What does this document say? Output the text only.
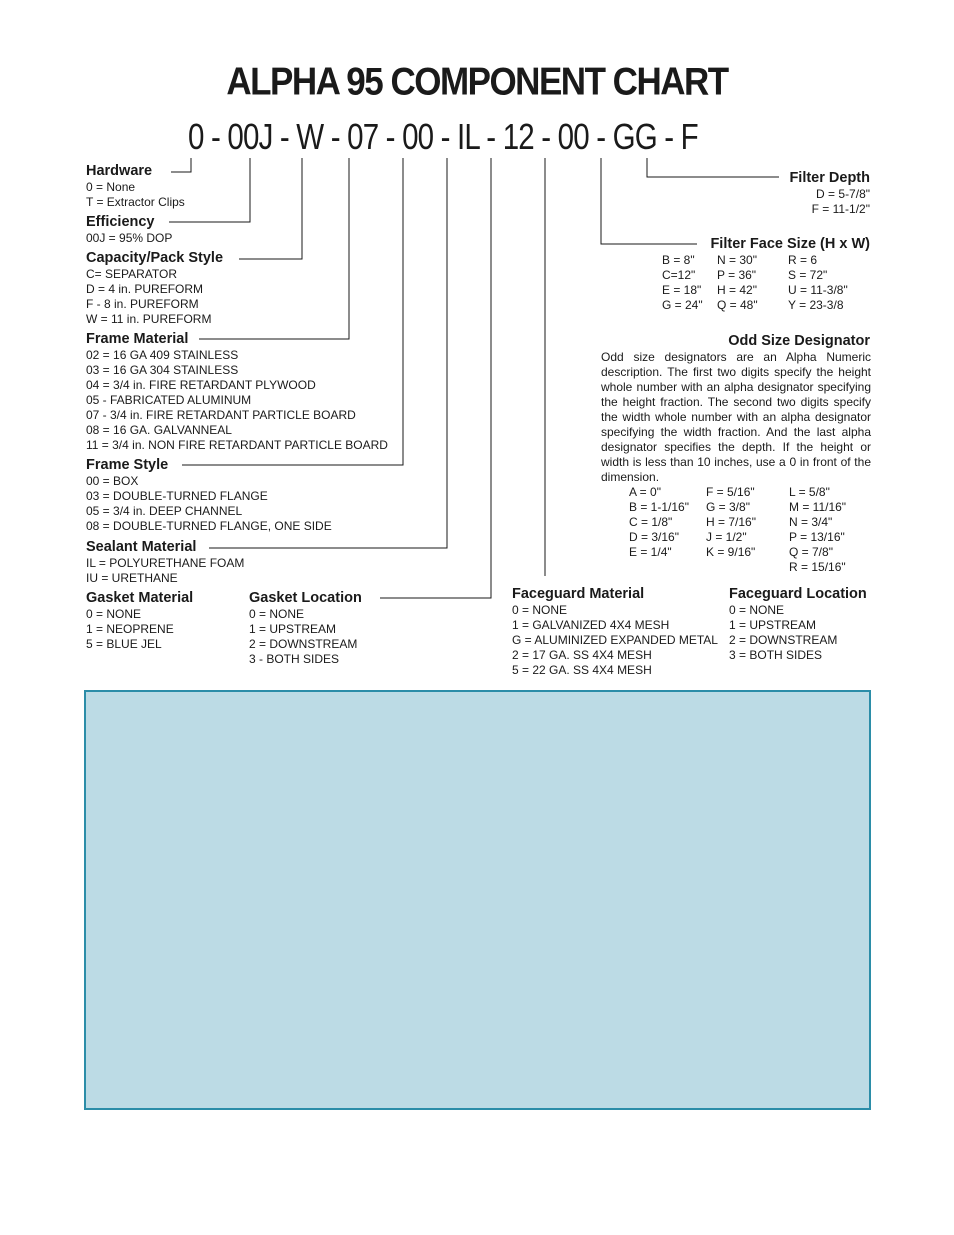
ALPHA 95 COMPONENT CHART
0 - 00J - W - 07 - 00 - IL - 12 - 00 - GG - F
Hardware
0 = None
T = Extractor Clips
Efficiency
00J = 95% DOP
Capacity/Pack Style
C= SEPARATOR
D = 4 in. PUREFORM
F - 8 in. PUREFORM
W = 11 in. PUREFORM
Frame Material
02 = 16 GA 409 STAINLESS
03 = 16 GA 304 STAINLESS
04 = 3/4 in. FIRE RETARDANT PLYWOOD
05 - FABRICATED ALUMINUM
07 - 3/4 in. FIRE RETARDANT PARTICLE BOARD
08 = 16 GA. GALVANNEAL
11 = 3/4 in. NON FIRE RETARDANT PARTICLE BOARD
Frame Style
00 = BOX
03 = DOUBLE-TURNED FLANGE
05 = 3/4 in. DEEP CHANNEL
08 = DOUBLE-TURNED FLANGE, ONE SIDE
Sealant Material
IL = POLYURETHANE FOAM
IU = URETHANE
Gasket Material
0 = NONE
1 = NEOPRENE
5 = BLUE JEL
Gasket Location
0 = NONE
1 = UPSTREAM
2 = DOWNSTREAM
3 - BOTH SIDES
Filter Depth
D = 5-7/8"
F = 11-1/2"
Filter Face Size (H x W)
B = 8"
C=12"
E = 18"
G = 24"
N = 30"
P = 36"
H = 42"
Q = 48"
R = 6
S = 72"
U = 11-3/8"
Y = 23-3/8
Odd Size Designator
Odd size designators are an Alpha Numeric description. The first two digits specify the height whole number with an alpha designator specifying the height fraction. The second two digits specify the width whole number with an alpha designator specifying the width fraction. And the last alpha designator specifies the depth. If the height or width is less than 10 inches, use a 0 in front of the dimension.
A = 0"
B = 1-1/16"
C = 1/8"
D = 3/16"
E = 1/4"
F = 5/16"
G = 3/8"
H = 7/16"
J = 1/2"
K = 9/16"
L = 5/8"
M = 11/16"
N = 3/4"
P = 13/16"
Q = 7/8"
R = 15/16"
Faceguard Material
0 = NONE
1 = GALVANIZED 4X4 MESH
G = ALUMINIZED EXPANDED METAL
2 = 17 GA. SS 4X4 MESH
5 = 22 GA. SS 4X4 MESH
Faceguard Location
0 = NONE
1 = UPSTREAM
2 = DOWNSTREAM
3 = BOTH SIDES
